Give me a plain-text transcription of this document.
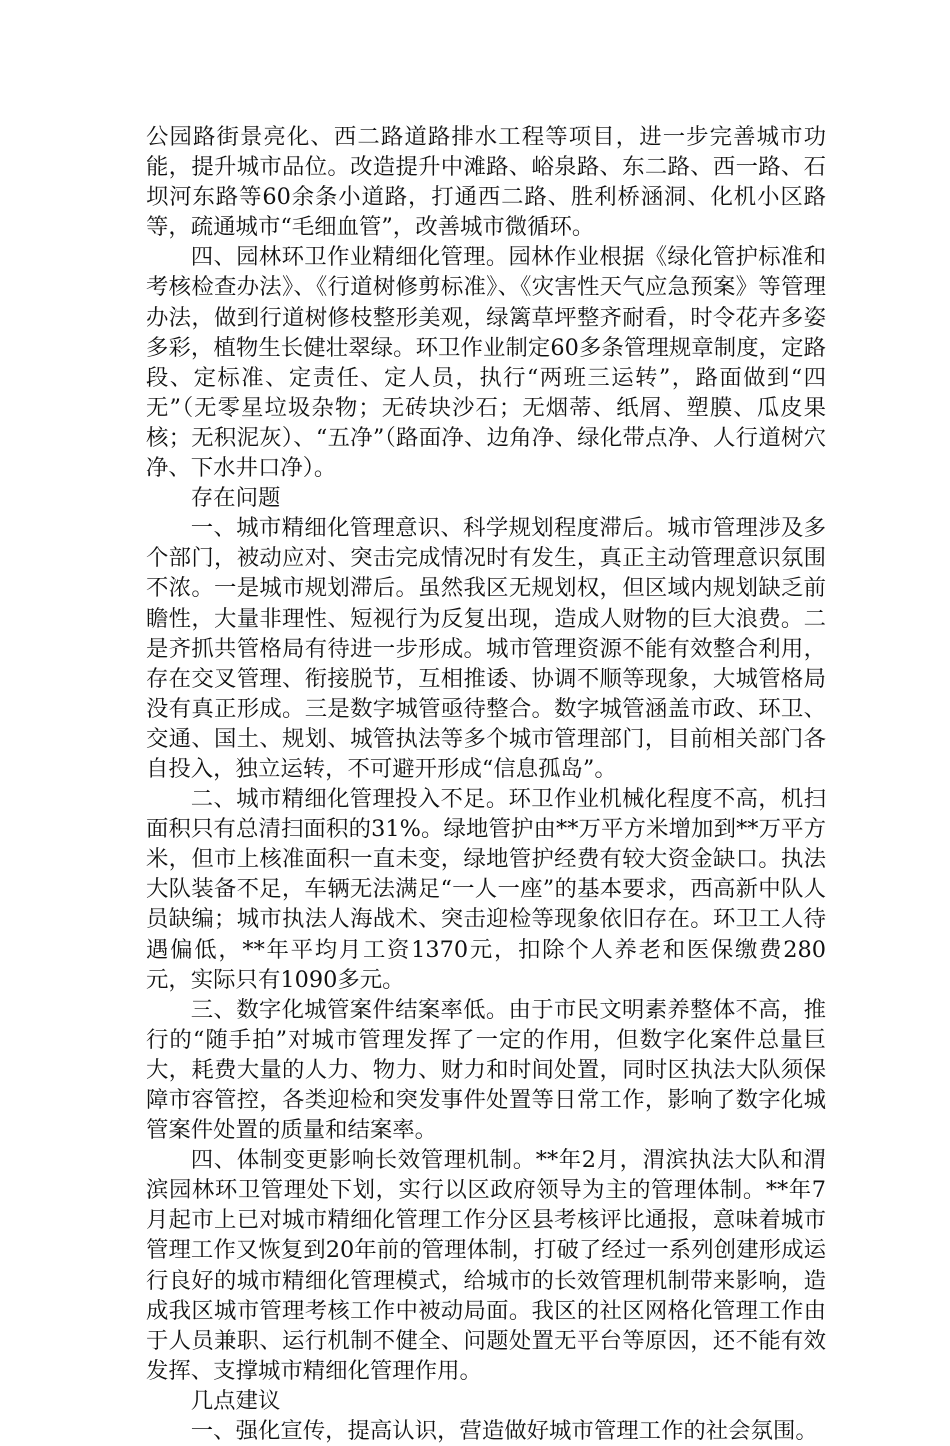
公园路街景亮化、西二路道路排水工程等项目，进一步完善城市功能，提升城市品位。改造提升中滩路、峪泉路、东二路、西一路、石坝河东路等60余条小道路，打通西二路、胜利桥涵洞、化机小区路等，疏通城市“毛细血管”，改善城市微循环。

四、园林环卫作业精细化管理。园林作业根据《绿化管护标准和考核检查办法》、《行道树修剪标准》、《灾害性天气应急预案》等管理办法，做到行道树修枝整形美观，绿篱草坪整齐耐看，时令花卉多姿多彩，植物生长健壮翠绿。环卫作业制定60多条管理规章制度，定路段、定标准、定责任、定人员，执行“两班三运转”，路面做到“四无”（无零星垃圾杂物；无砖块沙石；无烟蒂、纸屑、塑膜、瓜皮果核；无积泥灰）、“五净”（路面净、边角净、绿化带点净、人行道树穴净、下水井口净）。

存在问题

一、城市精细化管理意识、科学规划程度滞后。城市管理涉及多个部门，被动应对、突击完成情况时有发生，真正主动管理意识氛围不浓。一是城市规划滞后。虽然我区无规划权，但区域内规划缺乏前瞻性，大量非理性、短视行为反复出现，造成人财物的巨大浪费。二是齐抓共管格局有待进一步形成。城市管理资源不能有效整合利用，存在交叉管理、衔接脱节，互相推诿、协调不顺等现象，大城管格局没有真正形成。三是数字城管亟待整合。数字城管涵盖市政、环卫、交通、国土、规划、城管执法等多个城市管理部门，目前相关部门各自投入，独立运转，不可避开形成“信息孤岛”。

二、城市精细化管理投入不足。环卫作业机械化程度不高，机扫面积只有总清扫面积的31%。绿地管护由**万平方米增加到**万平方米，但市上核准面积一直未变，绿地管护经费有较大资金缺口。执法大队装备不足，车辆无法满足“一人一座”的基本要求，西高新中队人员缺编；城市执法人海战术、突击迎检等现象依旧存在。环卫工人待遇偏低，**年平均月工资1370元，扣除个人养老和医保缴费280元，实际只有1090多元。

三、数字化城管案件结案率低。由于市民文明素养整体不高，推行的“随手拍”对城市管理发挥了一定的作用，但数字化案件总量巨大，耗费大量的人力、物力、财力和时间处置，同时区执法大队须保障市容管控，各类迎检和突发事件处置等日常工作，影响了数字化城管案件处置的质量和结案率。

四、体制变更影响长效管理机制。**年2月，渭滨执法大队和渭滨园林环卫管理处下划，实行以区政府领导为主的管理体制。**年7月起市上已对城市精细化管理工作分区县考核评比通报，意味着城市管理工作又恢复到20年前的管理体制，打破了经过一系列创建形成运行良好的城市精细化管理模式，给城市的长效管理机制带来影响，造成我区城市管理考核工作中被动局面。我区的社区网格化管理工作由于人员兼职、运行机制不健全、问题处置无平台等原因，还不能有效发挥、支撑城市精细化管理作用。

几点建议

一、强化宣传，提高认识，营造做好城市管理工作的社会氛围。
